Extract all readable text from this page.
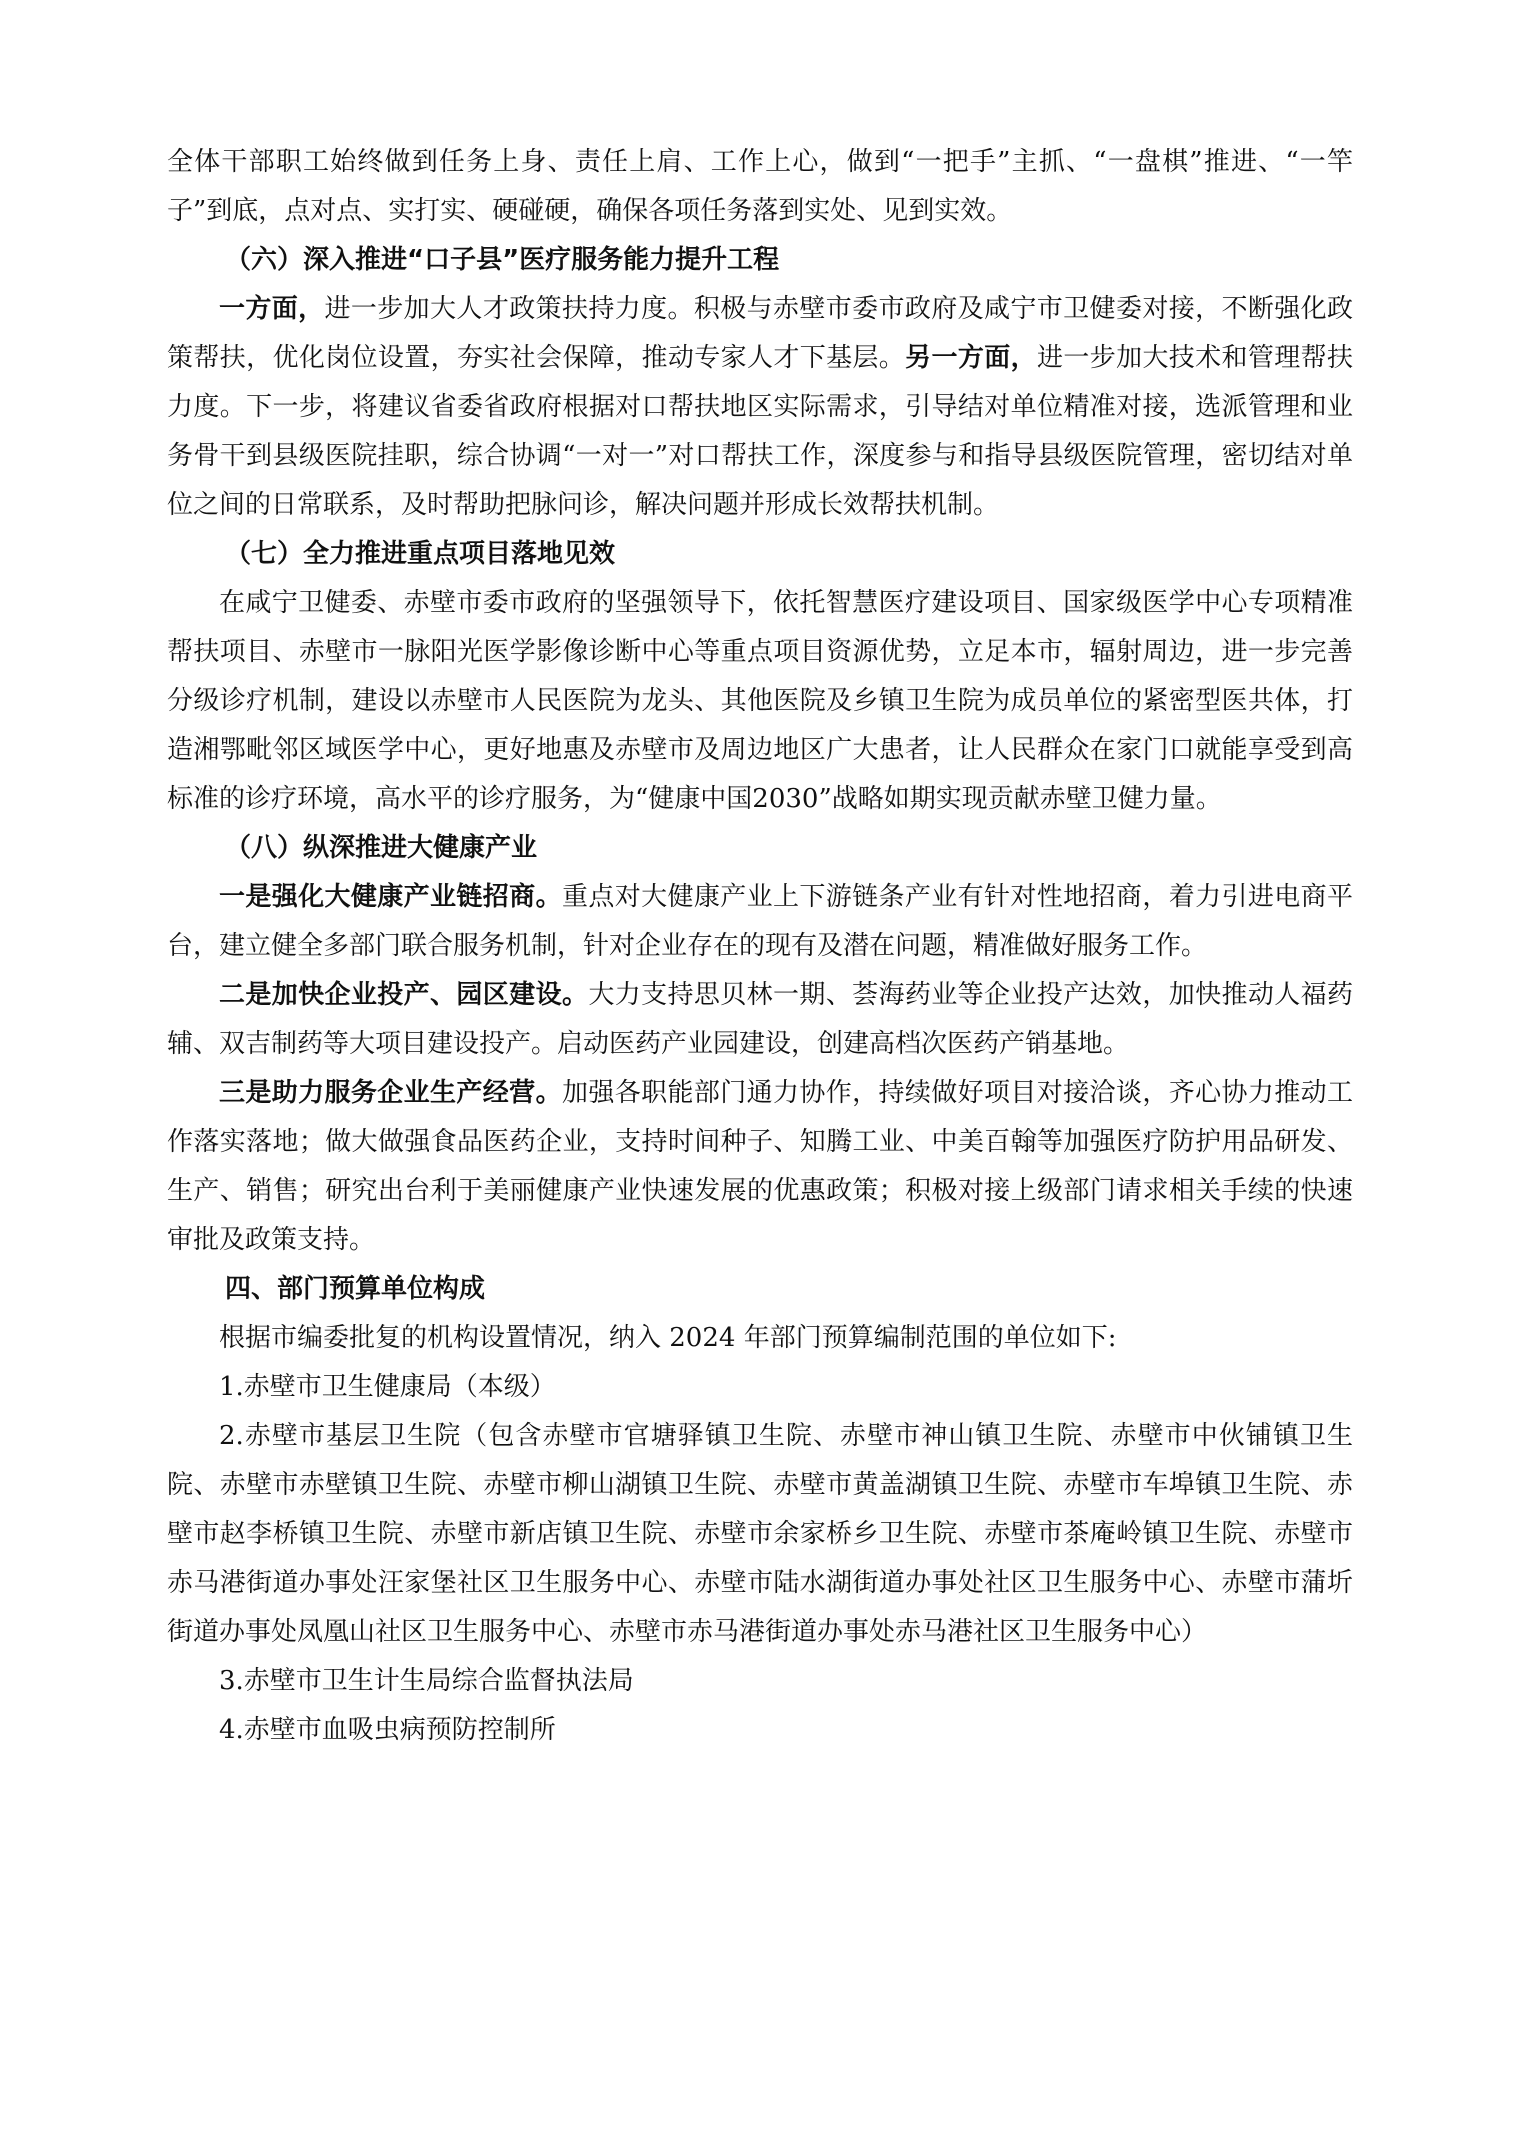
全体干部职工始终做到任务上身、责任上肩、工作上心，做到“一把手”主抓、“一盘棋”推进、“一竿子”到底，点对点、实打实、硬碰硬，确保各项任务落到实处、见到实效。

（六）深入推进“口子县”医疗服务能力提升工程

一方面，进一步加大人才政策扶持力度。积极与赤壁市委市政府及咸宁市卫健委对接，不断强化政策帮扶，优化岗位设置，夯实社会保障，推动专家人才下基层。另一方面，进一步加大技术和管理帮扶力度。下一步，将建议省委省政府根据对口帮扶地区实际需求，引导结对单位精准对接，选派管理和业务骨干到县级医院挂职，综合协调“一对一”对口帮扶工作，深度参与和指导县级医院管理，密切结对单位之间的日常联系，及时帮助把脉问诊，解决问题并形成长效帮扶机制。

（七）全力推进重点项目落地见效

在咸宁卫健委、赤壁市委市政府的坚强领导下，依托智慧医疗建设项目、国家级医学中心专项精准帮扶项目、赤壁市一脉阳光医学影像诊断中心等重点项目资源优势，立足本市，辐射周边，进一步完善分级诊疗机制，建设以赤壁市人民医院为龙头、其他医院及乡镇卫生院为成员单位的紧密型医共体，打造湘鄂毗邻区域医学中心，更好地惠及赤壁市及周边地区广大患者，让人民群众在家门口就能享受到高标准的诊疗环境，高水平的诊疗服务，为“健康中国2030”战略如期实现贡献赤壁卫健力量。

（八）纵深推进大健康产业

一是强化大健康产业链招商。重点对大健康产业上下游链条产业有针对性地招商，着力引进电商平台，建立健全多部门联合服务机制，针对企业存在的现有及潜在问题，精准做好服务工作。

二是加快企业投产、园区建设。大力支持思贝林一期、荟海药业等企业投产达效，加快推动人福药辅、双吉制药等大项目建设投产。启动医药产业园建设，创建高档次医药产销基地。

三是助力服务企业生产经营。加强各职能部门通力协作，持续做好项目对接洽谈，齐心协力推动工作落实落地；做大做强食品医药企业，支持时间种子、知腾工业、中美百翰等加强医疗防护用品研发、生产、销售；研究出台利于美丽健康产业快速发展的优惠政策；积极对接上级部门请求相关手续的快速审批及政策支持。

四、部门预算单位构成

根据市编委批复的机构设置情况，纳入 2024 年部门预算编制范围的单位如下:

1.赤壁市卫生健康局（本级）

2.赤壁市基层卫生院（包含赤壁市官塘驿镇卫生院、赤壁市神山镇卫生院、赤壁市中伙铺镇卫生院、赤壁市赤壁镇卫生院、赤壁市柳山湖镇卫生院、赤壁市黄盖湖镇卫生院、赤壁市车埠镇卫生院、赤壁市赵李桥镇卫生院、赤壁市新店镇卫生院、赤壁市余家桥乡卫生院、赤壁市茶庵岭镇卫生院、赤壁市赤马港街道办事处汪家堡社区卫生服务中心、赤壁市陆水湖街道办事处社区卫生服务中心、赤壁市蒲圻街道办事处凤凰山社区卫生服务中心、赤壁市赤马港街道办事处赤马港社区卫生服务中心）

3.赤壁市卫生计生局综合监督执法局

4.赤壁市血吸虫病预防控制所
